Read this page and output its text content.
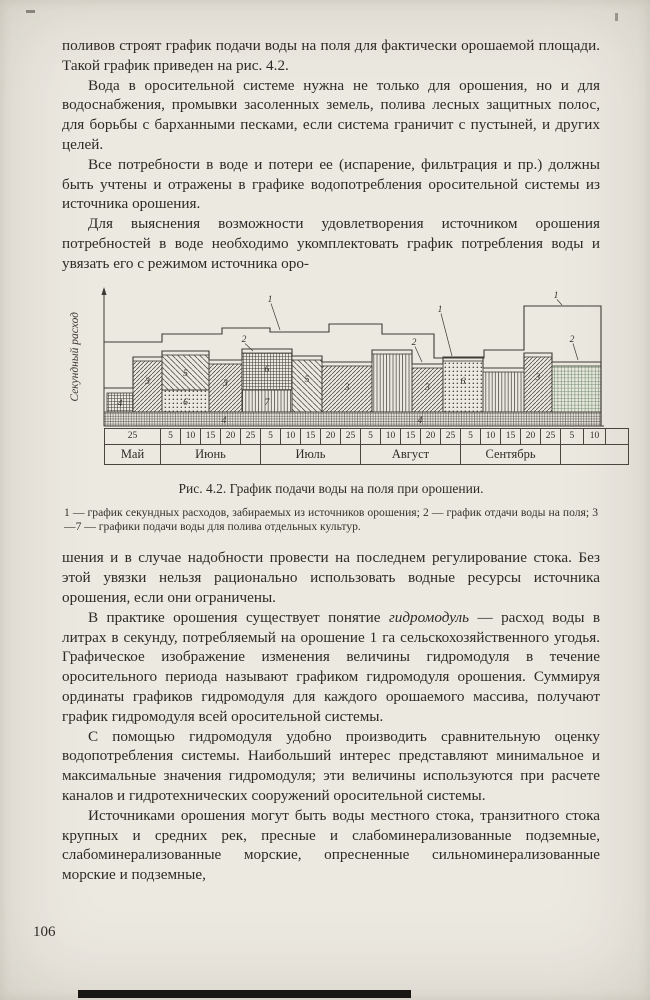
поливов строят график подачи воды на поля для фактически орошаемой площади. Такой график приведен на рис. 4.2.

Вода в оросительной системе нужна не только для орошения, но и для водоснабжения, промывки засоленных земель, полива лесных защитных полос, для борьбы с барханными песками, если система граничит с пустыней, и других целей.

Все потребности в воде и потери ее (испарение, фильтрация и пр.) должны быть учтены и отражены в графике водопотребления оросительной системы из источника орошения.

Для выяснения возможности удовлетворения источником орошения потребностей в воде необходимо укомплектовать график потребления воды и увязать его с режимом источника оро-

Секундный расход
4
3
5
6
3
6
7
5
3	3
6	3
1
1
1
2	2	2
4	4
25	5	10	15	20	25	5	10	15	20	25	5	10	15	20	25	5	10	15	20	25	5	10	
Май	Июнь					Июль					Август					Сентябрь							
Рис. 4.2. График подачи воды на поля при орошении.
1 — график секундных расходов, забираемых из источников орошения; 2 — график отдачи воды на поля; 3—7 — графики подачи воды для полива отдельных культур.

шения и в случае надобности провести на последнем регулирование стока. Без этой увязки нельзя рационально использовать водные ресурсы источника орошения, если они ограничены.

В практике орошения существует понятие гидромодуль — расход воды в литрах в секунду, потребляемый на орошение 1 га сельскохозяйственного угодья. Графическое изображение изменения величины гидромодуля в течение оросительного периода называют графиком гидромодуля орошения. Суммируя ординаты графиков гидромодуля для каждого орошаемого массива, получают график гидромодуля всей оросительной системы.

С помощью гидромодуля удобно производить сравнительную оценку водопотребления системы. Наибольший интерес представляют минимальное и максимальные значения гидромодуля; эти величины используются при расчете каналов и гидротехнических сооружений оросительной системы.

Источниками орошения могут быть воды местного стока, транзитного стока крупных и средних рек, пресные и слабоминерализованные подземные, слабоминерализованные морские, опресненные сильноминерализованные морские и подземные,

106
